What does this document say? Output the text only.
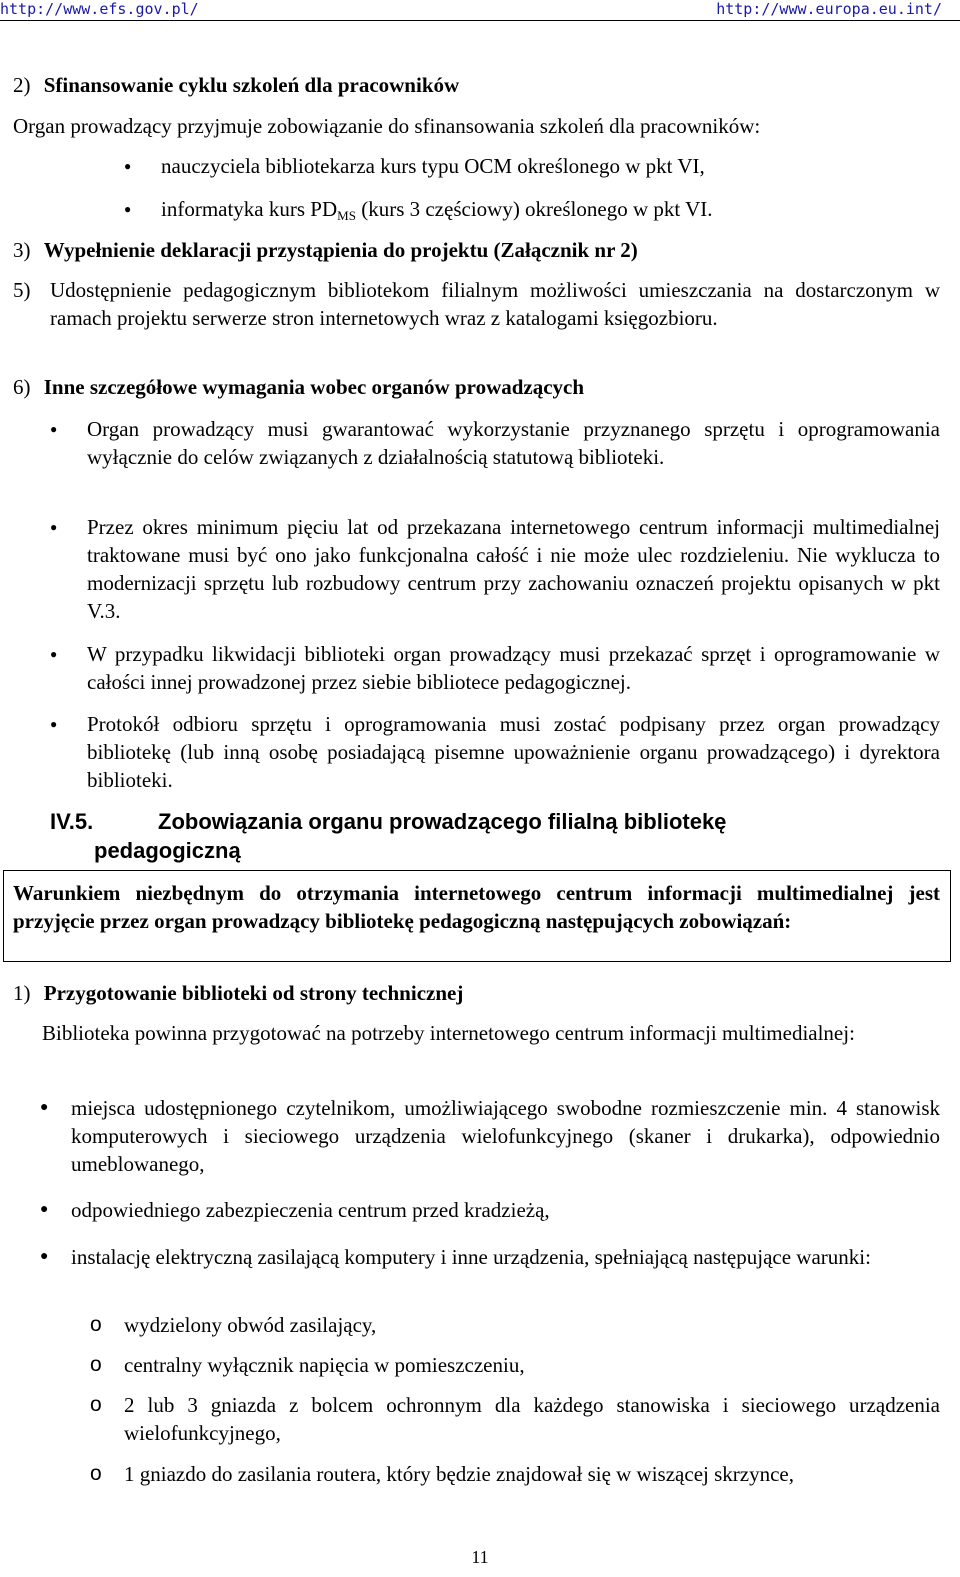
http://www.efs.gov.pl/	http://www.europa.eu.int/
2) Sfinansowanie cyklu szkoleń dla pracowników
Organ prowadzący przyjmuje zobowiązanie do sfinansowania szkoleń dla pracowników:
● nauczyciela bibliotekarza kurs typu OCM określonego w pkt VI,
● informatyka kurs $PD_{MS}$ (kurs 3 częściowy) określonego w pkt VI.
3) Wypełnienie deklaracji przystąpienia do projektu (Załącznik nr 2)
5) Udostępnienie pedagogicznym bibliotekom filialnym możliwości umieszczania na dostarczonym w ramach projektu serwerze stron internetowych wraz z katalogami księgozbioru.
6) Inne szczegółowe wymagania wobec organów prowadzących
● Organ prowadzący musi gwarantować wykorzystanie przyznanego sprzętu i oprogramowania wyłącznie do celów związanych z działalnością statutową biblioteki.
● Przez okres minimum pięciu lat od przekazana internetowego centrum informacji multimedialnej traktowane musi być ono jako funkcjonalna całość i nie może ulec rozdzieleniu. Nie wyklucza to modernizacji sprzętu lub rozbudowy centrum przy zachowaniu oznaczeń projektu opisanych w pkt V.3.
● W przypadku likwidacji biblioteki organ prowadzący musi przekazać sprzęt i oprogramowanie w całości innej prowadzonej przez siebie bibliotece pedagogicznej.
● Protokół odbioru sprzętu i oprogramowania musi zostać podpisany przez organ prowadzący bibliotekę (lub inną osobę posiadającą pisemne upoważnienie organu prowadzącego) i dyrektora biblioteki.
IV.5.	Zobowiązania organu prowadzącego filialną bibliotekę
pedagogiczną
Warunkiem niezbędnym do otrzymania internetowego centrum informacji multimedialnej jest przyjęcie przez organ prowadzący bibliotekę pedagogiczną następujących zobowiązań:
1) Przygotowanie biblioteki od strony technicznej
Biblioteka powinna przygotować na potrzeby internetowego centrum informacji multimedialnej:
● miejsca udostępnionego czytelnikom, umożliwiającego swobodne rozmieszczenie min. 4 stanowisk komputerowych i sieciowego urządzenia wielofunkcyjnego (skaner i drukarka), odpowiednio umeblowanego,
● odpowiedniego zabezpieczenia centrum przed kradzieżą,
● instalację elektryczną zasilającą komputery i inne urządzenia, spełniającą następujące warunki:
o wydzielony obwód zasilający,
o centralny wyłącznik napięcia w pomieszczeniu,
o 2 lub 3 gniazda z bolcem ochronnym dla każdego stanowiska i sieciowego urządzenia wielofunkcyjnego,
o 1 gniazdo do zasilania routera, który będzie znajdował się w wiszącej skrzynce,
11
